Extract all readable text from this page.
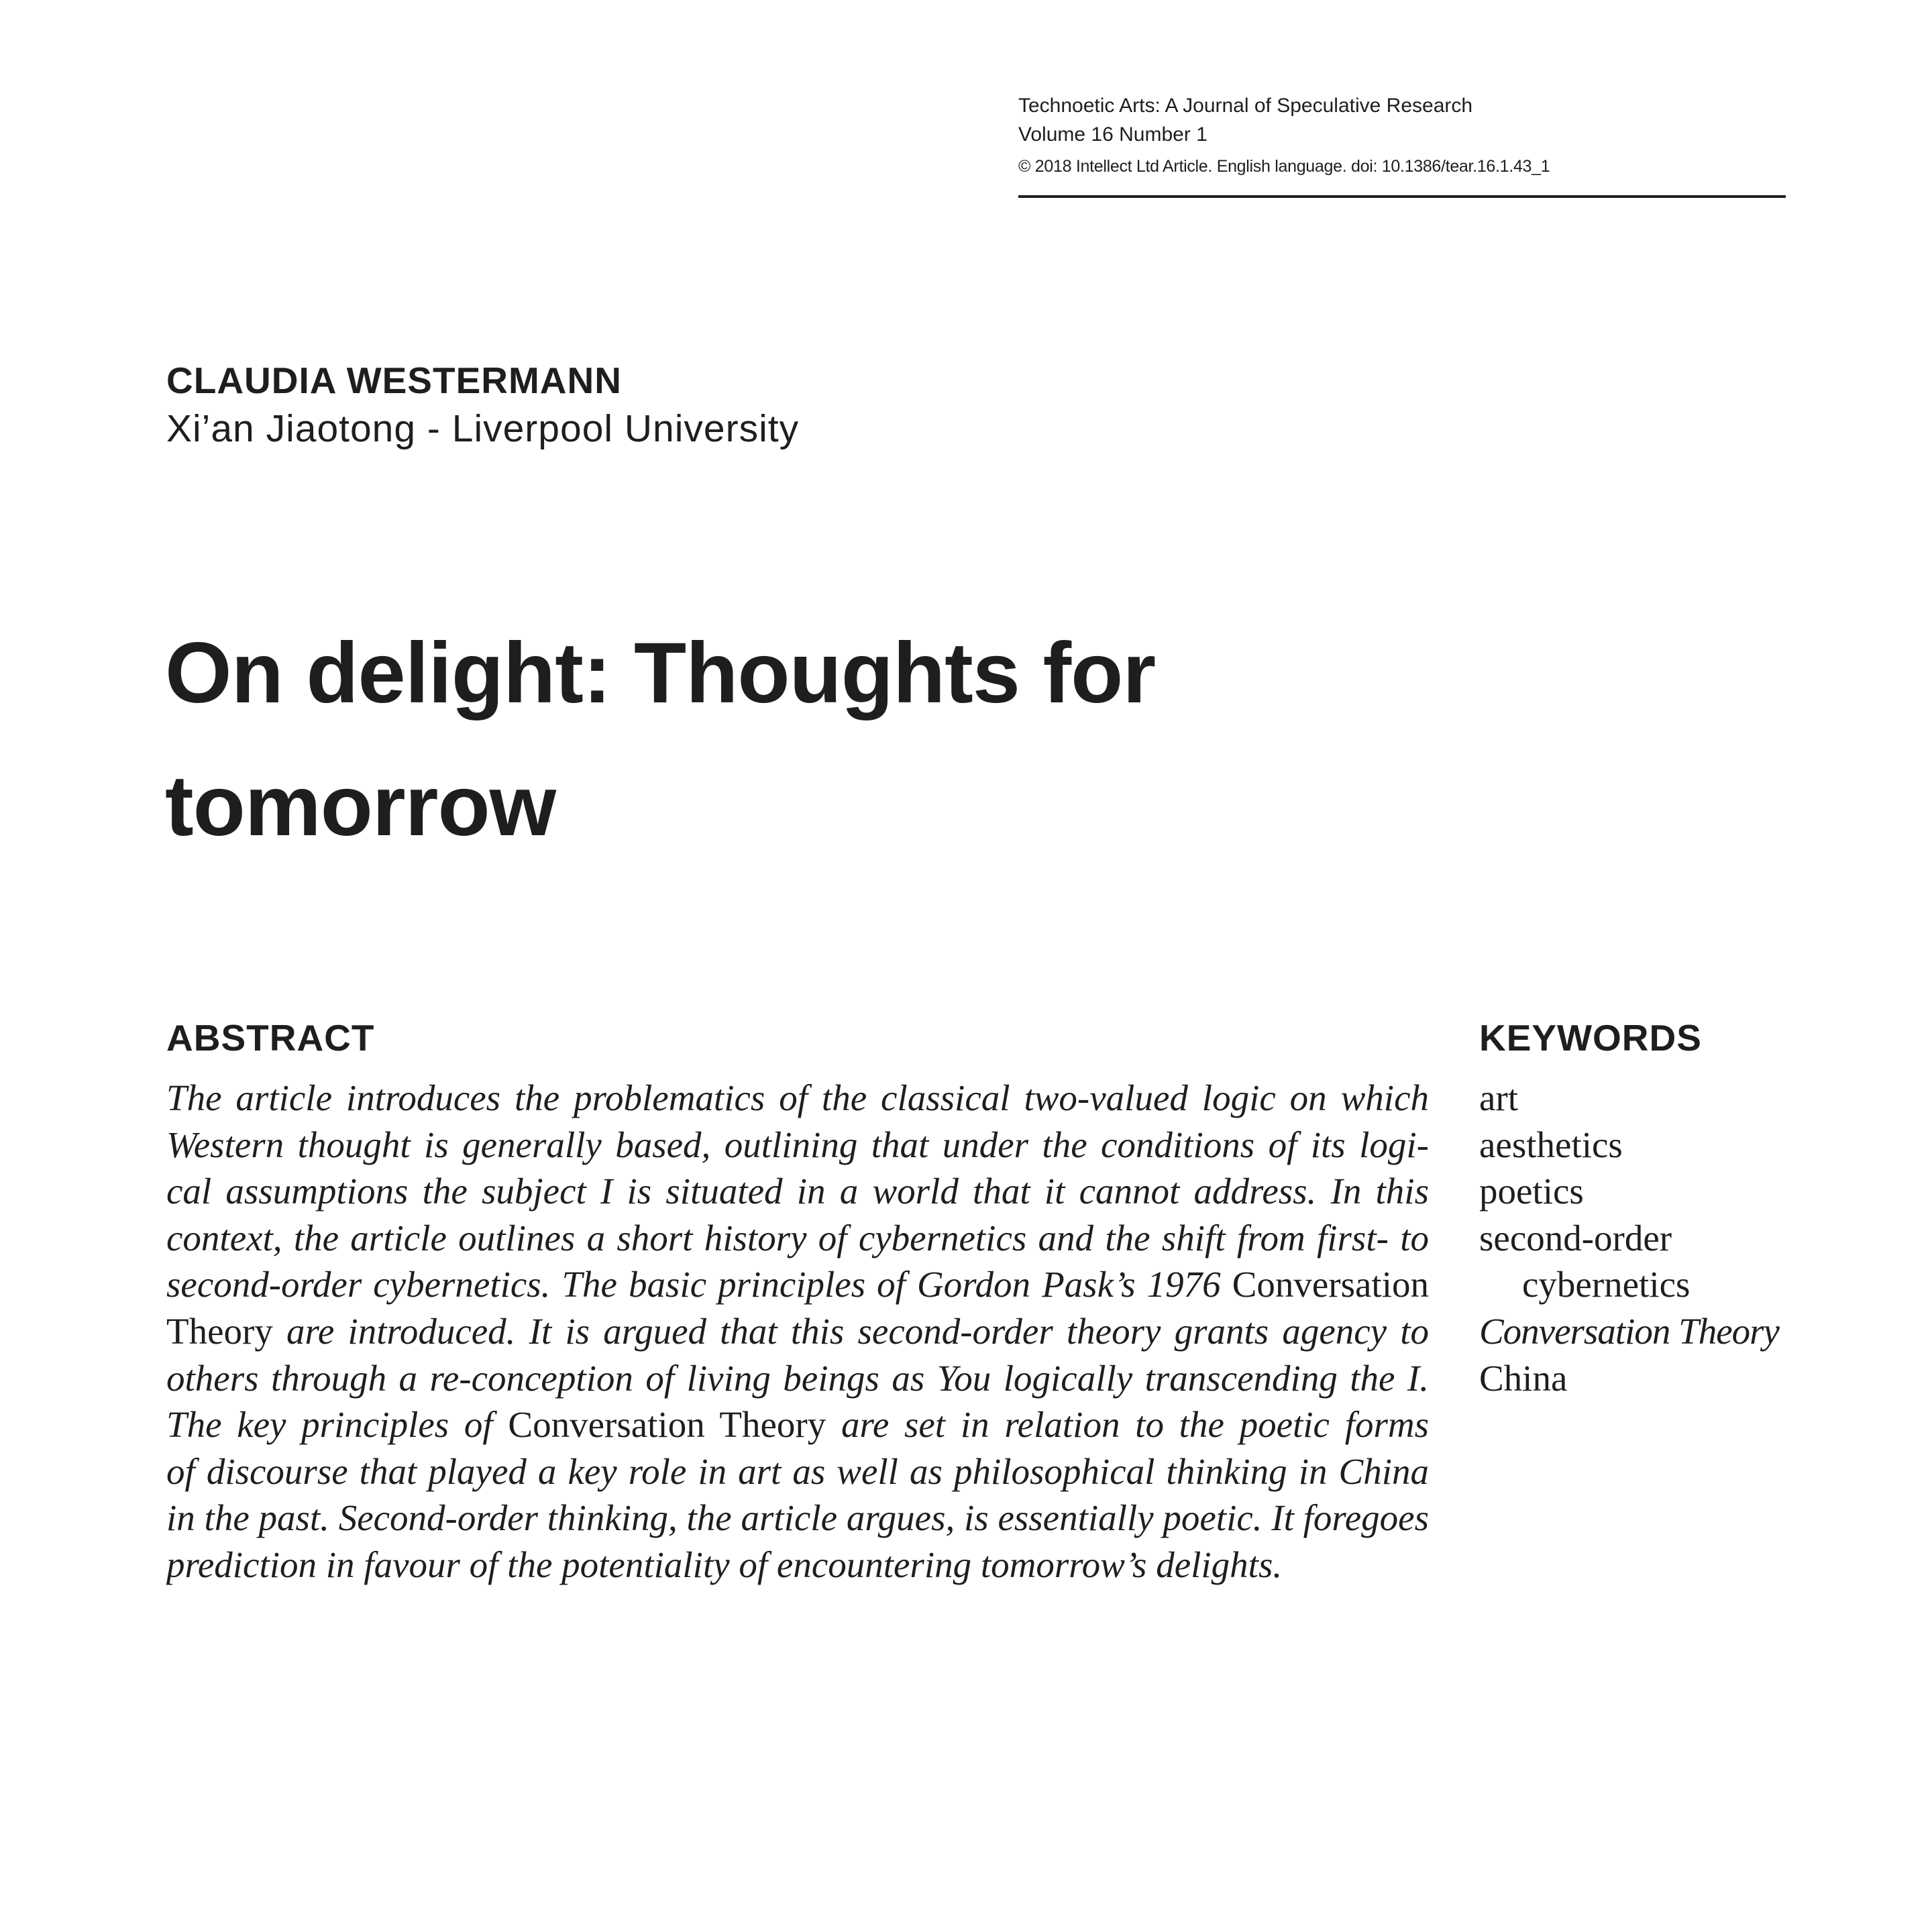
Technoetic Arts: A Journal of Speculative Research
Volume 16 Number 1
© 2018 Intellect Ltd Article. English language. doi: 10.1386/tear.16.1.43_1
CLAUDIA WESTERMANN
Xi’an Jiaotong - Liverpool University
On delight: Thoughts for
tomorrow
ABSTRACT
The article introduces the problematics of the classical two-valued logic on which
Western thought is generally based, outlining that under the conditions of its logi-
cal assumptions the subject I is situated in a world that it cannot address. In this
context, the article outlines a short history of cybernetics and the shift from first- to
second-order cybernetics. The basic principles of Gordon Pask’s 1976 Conversation
Theory are introduced. It is argued that this second-order theory grants agency to
others through a re-conception of living beings as You logically transcending the I.
The key principles of Conversation Theory are set in relation to the poetic forms
of discourse that played a key role in art as well as philosophical thinking in China
in the past. Second-order thinking, the article argues, is essentially poetic. It foregoes
prediction in favour of the potentiality of encountering tomorrow’s delights.
KEYWORDS
art
aesthetics
poetics
second-order
cybernetics
Conversation Theory
China
